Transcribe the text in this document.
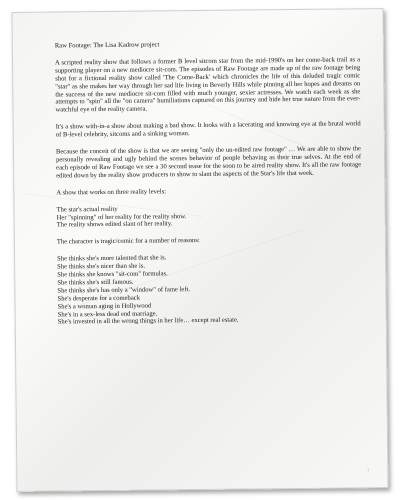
Raw Footage: The Lisa Kadrow project

A scripted reality show that follows a former B level sitcom star from the mid-1990's on her come-back trail as a supporting player on a new mediocre sit-com. The episodes of Raw Footage are made up of the raw footage being shot for a fictional reality show called 'The Come-Back' which chronicles the life of this deluded tragic comic "star" as she makes her way through her sad life living in Beverly Hills while pinning all her hopes and dreams on the success of the new mediocre sit-com filled with much younger, sexier actresses. We watch each week as she attempts to "spin" all the "on camera" humiliations captured on this journey and hide her true nature from the ever-watchful eye of the reality camera.

It's a show with-in-a show about making a bad show. It looks with a lacerating and knowing eye at the brutal world of B-level celebrity, sitcoms and a sinking woman.

Because the conceit of the show is that we are seeing "only the un-edited raw footage" … We are able to show the personally revealing and ugly behind the scenes behavior of people behaving as their true selves. At the end of each episode of Raw Footage we see a 30 second tease for the soon to be aired reality show. It's all the raw footage edited down by the reality show producers to show to slant the aspects of the Star's life that week.

A show that works on three reality levels:

The star's actual reality
Her "spinning" of her reality for the reality show.
The reality shows edited slant of her reality.

The character is tragic/comic for a number of reasons:

She thinks she's more talented that she is.
She thinks she's nicer than she is.
She thinks she knows "sit-com" formulas.
She thinks she's still famous.
She thinks she's has only a "window" of fame left.
She's desperate for a comeback
She's a woman aging in Hollywood
She's in a sex-less dead end marriage.
She's invested in all the wrong things in her life… except real estate.

1
